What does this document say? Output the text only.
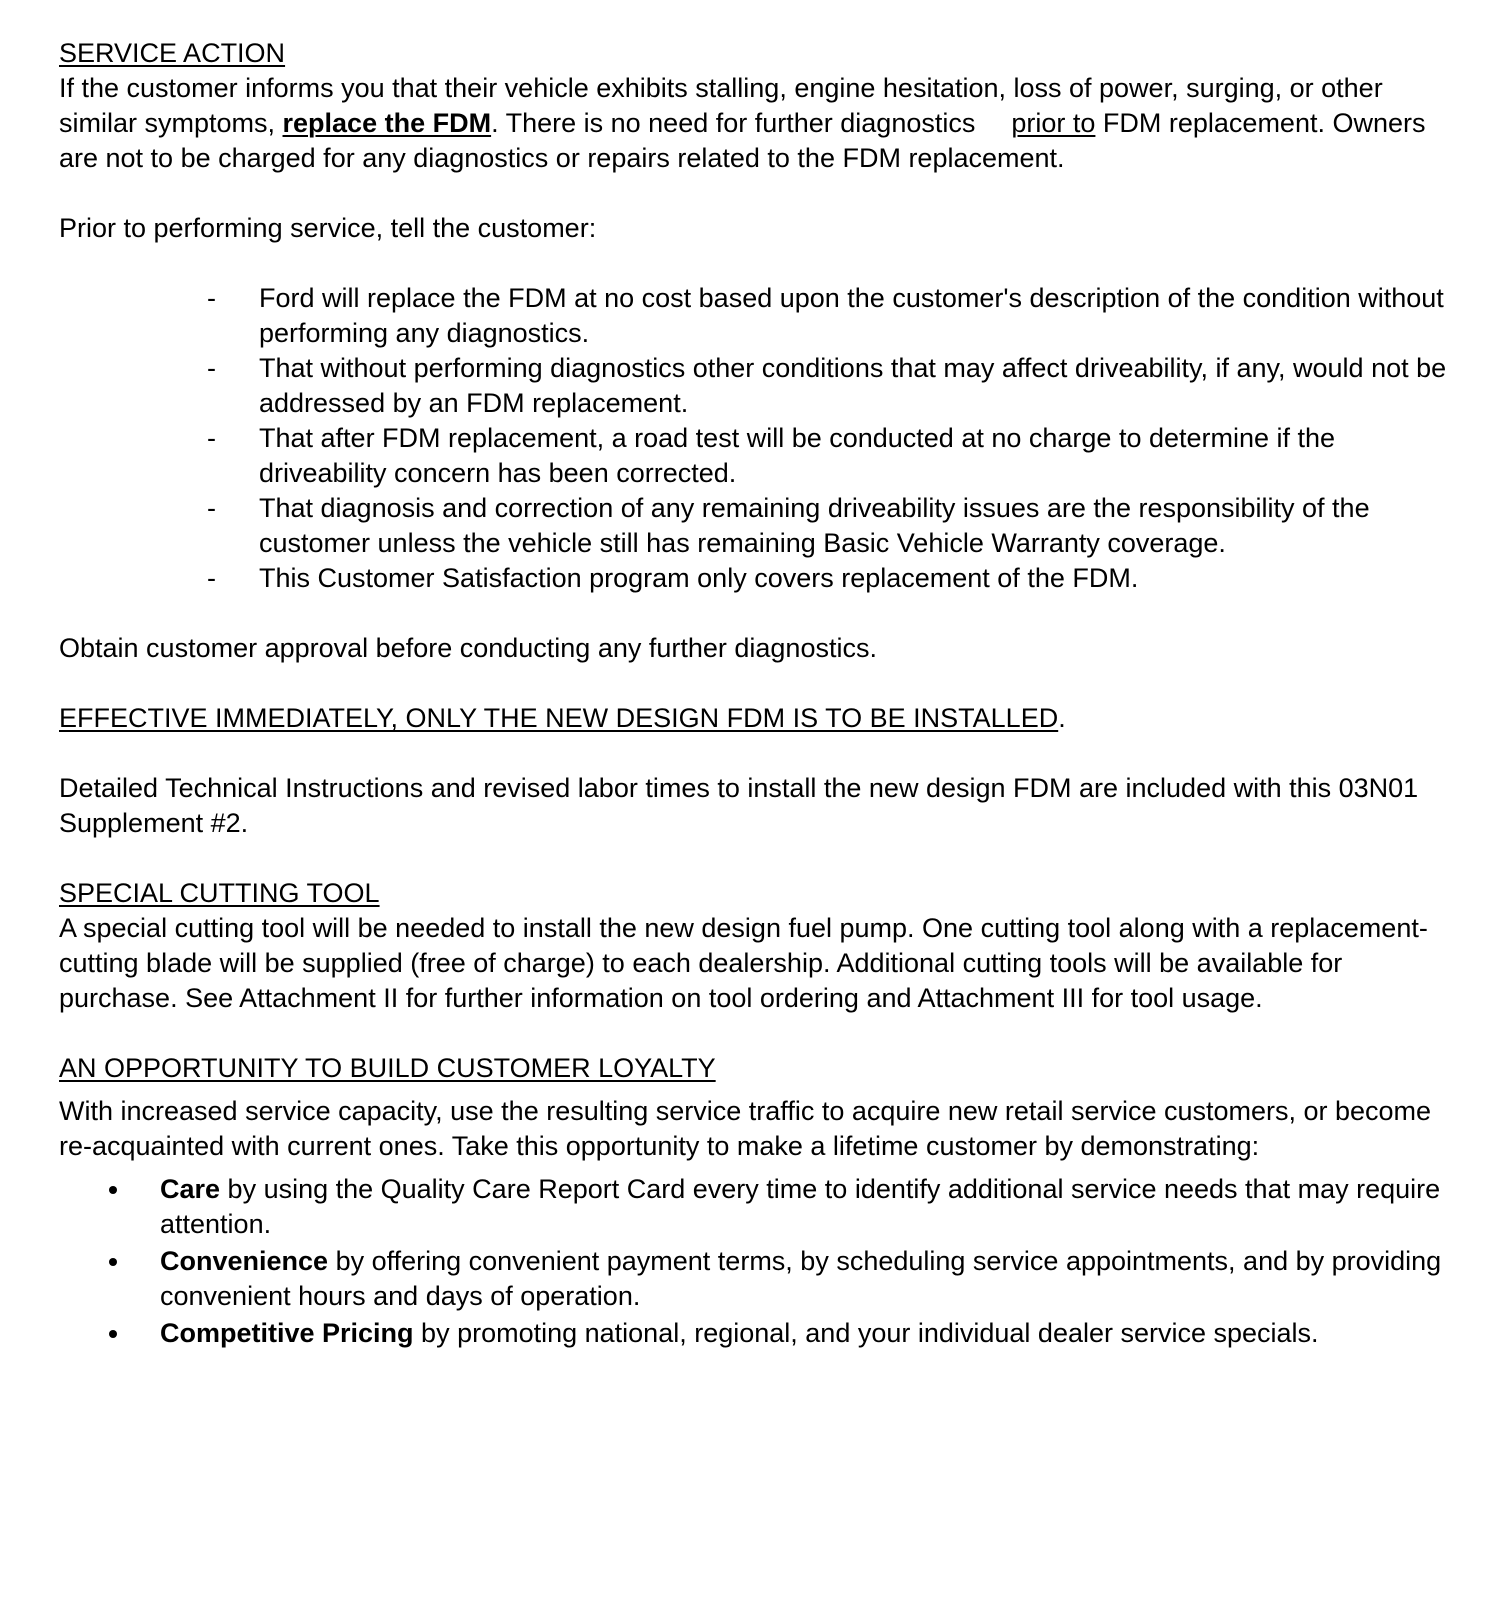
SERVICE ACTION

If the customer informs you that their vehicle exhibits stalling, engine hesitation, loss of power, surging, or other similar symptoms, replace the FDM. There is no need for further diagnostics prior to FDM replacement. Owners are not to be charged for any diagnostics or repairs related to the FDM replacement.

Prior to performing service, tell the customer:

- Ford will replace the FDM at no cost based upon the customer's description of the condition without performing any diagnostics.
- That without performing diagnostics other conditions that may affect driveability, if any, would not be addressed by an FDM replacement.
- That after FDM replacement, a road test will be conducted at no charge to determine if the driveability concern has been corrected.
- That diagnosis and correction of any remaining driveability issues are the responsibility of the customer unless the vehicle still has remaining Basic Vehicle Warranty coverage.
- This Customer Satisfaction program only covers replacement of the FDM.

Obtain customer approval before conducting any further diagnostics.

EFFECTIVE IMMEDIATELY, ONLY THE NEW DESIGN FDM IS TO BE INSTALLED.

Detailed Technical Instructions and revised labor times to install the new design FDM are included with this 03N01 Supplement #2.

SPECIAL CUTTING TOOL

A special cutting tool will be needed to install the new design fuel pump. One cutting tool along with a replacement-cutting blade will be supplied (free of charge) to each dealership. Additional cutting tools will be available for purchase. See Attachment II for further information on tool ordering and Attachment III for tool usage.

AN OPPORTUNITY TO BUILD CUSTOMER LOYALTY

With increased service capacity, use the resulting service traffic to acquire new retail service customers, or become re-acquainted with current ones. Take this opportunity to make a lifetime customer by demonstrating:

Care by using the Quality Care Report Card every time to identify additional service needs that may require attention.
Convenience by offering convenient payment terms, by scheduling service appointments, and by providing convenient hours and days of operation.
Competitive Pricing by promoting national, regional, and your individual dealer service specials.
